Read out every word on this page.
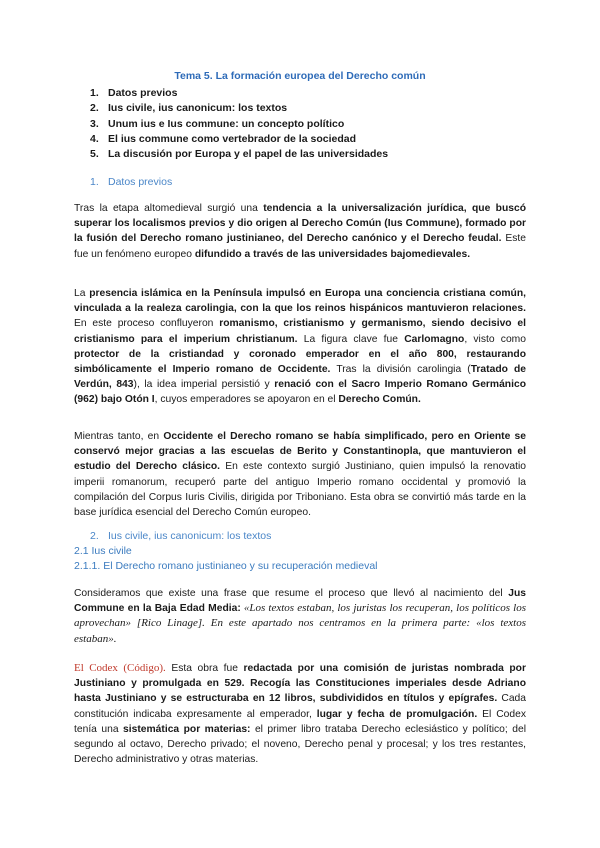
Tema 5. La formación europea del Derecho común
1. Datos previos
2. Ius civile, ius canonicum: los textos
3. Unum ius e Ius commune: un concepto político
4. El ius commune como vertebrador de la sociedad
5. La discusión por Europa y el papel de las universidades
1. Datos previos

Tras la etapa altomedieval surgió una tendencia a la universalización jurídica, que buscó superar los localismos previos y dio origen al Derecho Común (Ius Commune), formado por la fusión del Derecho romano justinianeo, del Derecho canónico y el Derecho feudal. Este fue un fenómeno europeo difundido a través de las universidades bajomedievales.

La presencia islámica en la Península impulsó en Europa una conciencia cristiana común, vinculada a la realeza carolingia, con la que los reinos hispánicos mantuvieron relaciones. En este proceso confluyeron romanismo, cristianismo y germanismo, siendo decisivo el cristianismo para el imperium christianum. La figura clave fue Carlomagno, visto como protector de la cristiandad y coronado emperador en el año 800, restaurando simbólicamente el Imperio romano de Occidente. Tras la división carolingia (Tratado de Verdún, 843), la idea imperial persistió y renació con el Sacro Imperio Romano Germánico (962) bajo Otón I, cuyos emperadores se apoyaron en el Derecho Común.

Mientras tanto, en Occidente el Derecho romano se había simplificado, pero en Oriente se conservó mejor gracias a las escuelas de Berito y Constantinopla, que mantuvieron el estudio del Derecho clásico. En este contexto surgió Justiniano, quien impulsó la renovatio imperii romanorum, recuperó parte del antiguo Imperio romano occidental y promovió la compilación del Corpus Iuris Civilis, dirigida por Triboniano. Esta obra se convirtió más tarde en la base jurídica esencial del Derecho Común europeo.

2. Ius civile, ius canonicum: los textos
2.1 Ius civile
2.1.1. El Derecho romano justinianeo y su recuperación medieval

Consideramos que existe una frase que resume el proceso que llevó al nacimiento del Jus Commune en la Baja Edad Media: «Los textos estaban, los juristas los recuperan, los políticos los aprovechan» [Rico Linage]. En este apartado nos centramos en la primera parte: «los textos estaban».

El Codex (Código). Esta obra fue redactada por una comisión de juristas nombrada por Justiniano y promulgada en 529. Recogía las Constituciones imperiales desde Adriano hasta Justiniano y se estructuraba en 12 libros, subdivididos en títulos y epígrafes. Cada constitución indicaba expresamente al emperador, lugar y fecha de promulgación. El Codex tenía una sistemática por materias: el primer libro trataba Derecho eclesiástico y político; del segundo al octavo, Derecho privado; el noveno, Derecho penal y procesal; y los tres restantes, Derecho administrativo y otras materias.
